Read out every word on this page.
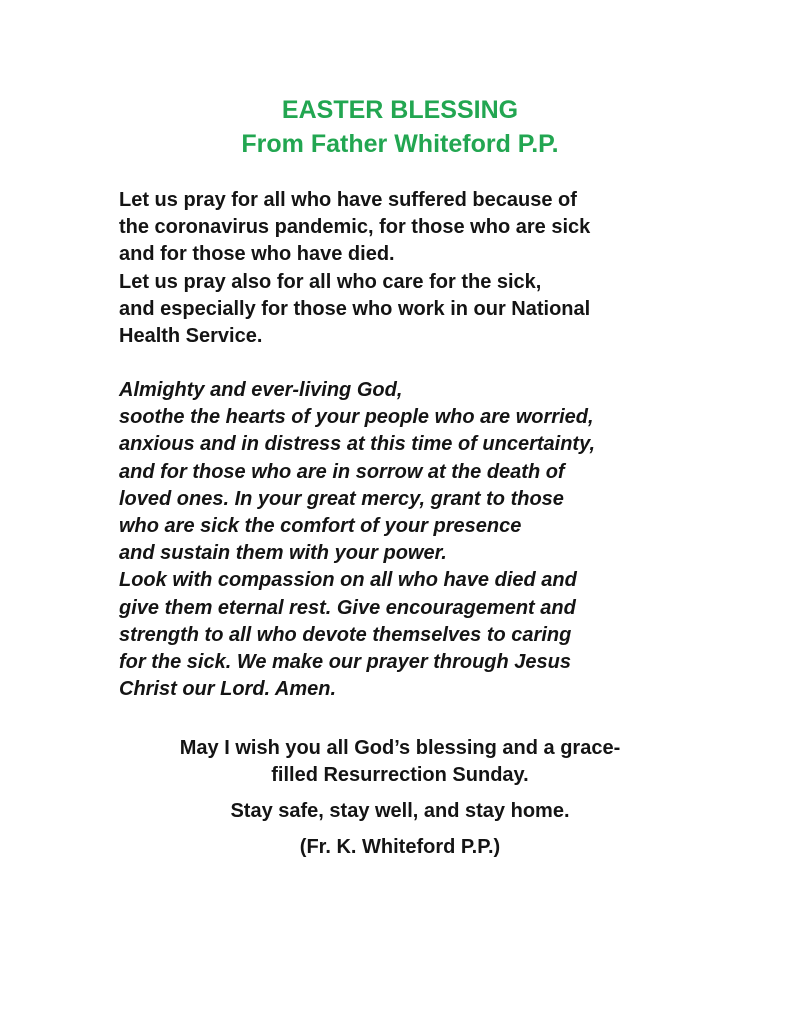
EASTER BLESSING
From Father Whiteford P.P.
Let us pray for all who have suffered because of
the coronavirus pandemic, for those who are sick
and for those who have died.
Let us pray also for all who care for the sick,
and especially for those who work in our National
Health Service.
Almighty and ever-living God,
soothe the hearts of your people who are worried,
anxious and in distress at this time of uncertainty,
and for those who are in sorrow at the death of
loved ones. In your great mercy, grant to those
who are sick the comfort of your presence
and sustain them with your power.
Look with compassion on all who have died and
give them eternal rest. Give encouragement and
strength to all who devote themselves to caring
for the sick. We make our prayer through Jesus
Christ our Lord. Amen.
May I wish you all God’s blessing and a grace-
filled Resurrection Sunday.
Stay safe, stay well, and stay home.
(Fr. K. Whiteford P.P.)
